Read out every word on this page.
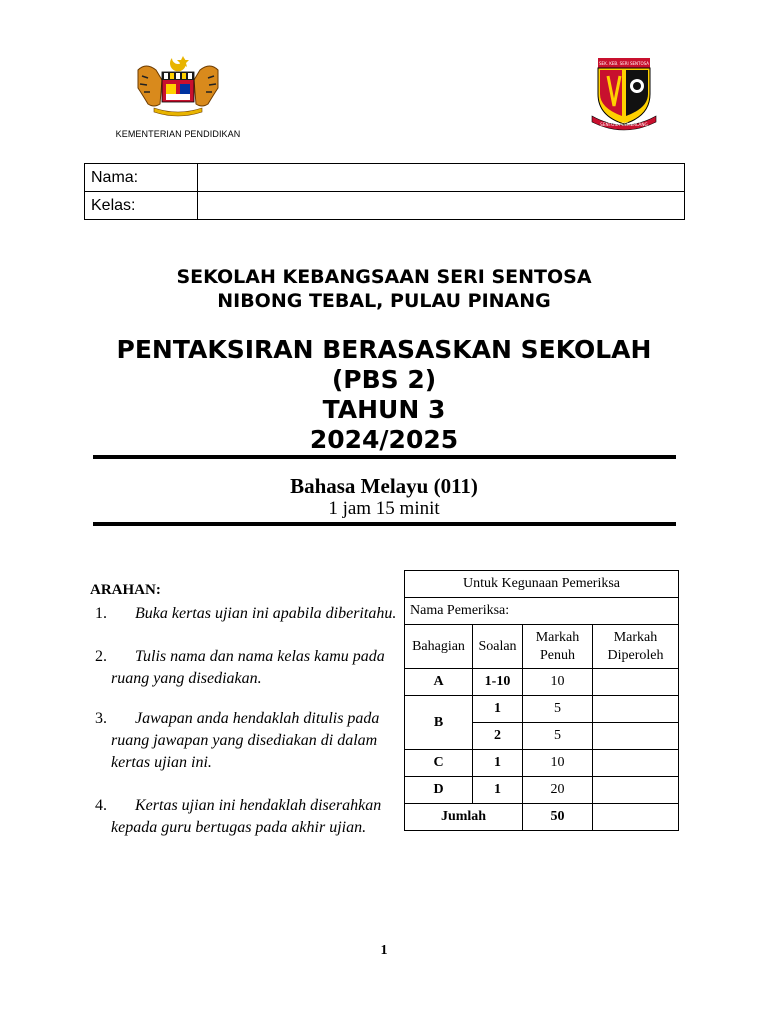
KEMENTERIAN PENDIDIKAN
SEK. KEB. SERI SENTOSA
SENTOSA CEMERLANG
Nama:	
Kelas:	
SEKOLAH KEBANGSAAN SERI SENTOSA
NIBONG TEBAL, PULAU PINANG
PENTAKSIRAN BERASASKAN SEKOLAH
(PBS 2)
TAHUN 3
2024/2025
Bahasa Melayu (011)
1 jam 15 minit
ARAHAN:
1.	Buka kertas ujian ini apabila diberitahu.
2.	Tulis nama dan nama kelas kamu pada
ruang yang disediakan.
3.	Jawapan anda hendaklah ditulis pada
ruang jawapan yang disediakan di dalam
kertas ujian ini.
4.	Kertas ujian ini hendaklah diserahkan
kepada guru bertugas pada akhir ujian.
Untuk Kegunaan Pemeriksa			
Nama Pemeriksa:			
Bahagian	Soalan	Markah Penuh	Markah Diperoleh
A	1-10	10	
B	1	5	
	2	5	
C	1	10	
D	1	20	
Jumlah		50	
1
